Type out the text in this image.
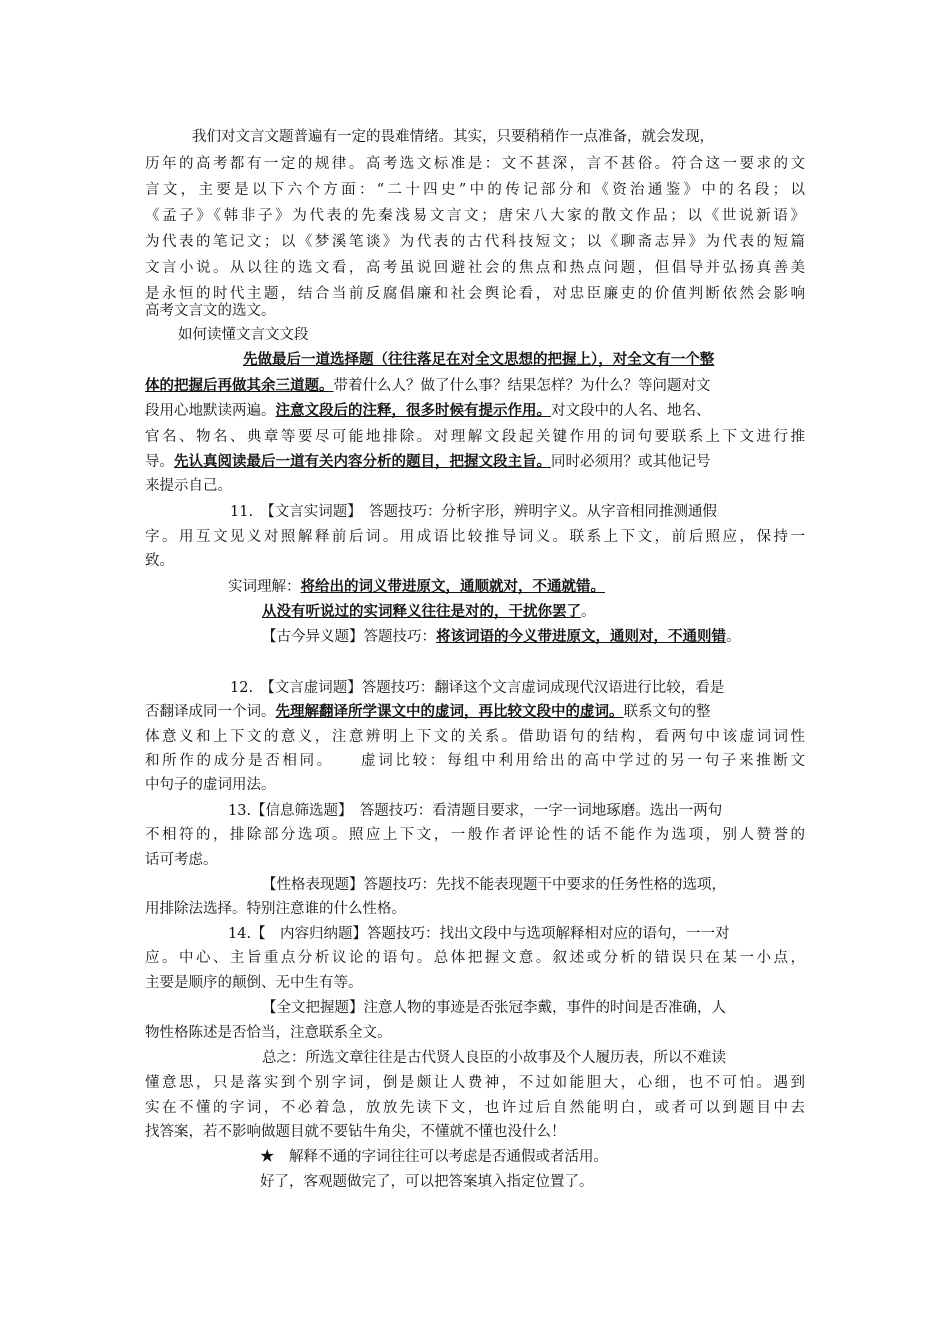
我们对文言文题普遍有一定的畏难情绪。其实，只要稍稍作一点准备，就会发现，
历年的高考都有一定的规律。高考选文标准是：文不甚深，言不甚俗。符合这一要求的文
言文，主要是以下六个方面：“二十四史”中的传记部分和《资治通鉴》中的名段；以
《孟子》《韩非子》为代表的先秦浅易文言文；唐宋八大家的散文作品；以《世说新语》
为代表的笔记文；以《梦溪笔谈》为代表的古代科技短文；以《聊斋志异》为代表的短篇
文言小说。从以往的选文看，高考虽说回避社会的焦点和热点问题，但倡导并弘扬真善美
是永恒的时代主题，结合当前反腐倡廉和社会舆论看，对忠臣廉吏的价值判断依然会影响
高考文言文的选文。
如何读懂文言文文段
先做最后一道选择题（往往落足在对全文思想的把握上），对全文有一个整
体的把握后再做其余三道题。带着什么人？做了什么事？结果怎样？为什么？等问题对文
段用心地默读两遍。注意文段后的注释，很多时候有提示作用。对文段中的人名、地名、
官名、物名、典章等要尽可能地排除。对理解文段起关键作用的词句要联系上下文进行推
导。先认真阅读最后一道有关内容分析的题目，把握文段主旨。同时必须用？或其他记号
来提示自己。
11.　【文言实词题】　答题技巧：分析字形，辨明字义。从字音相同推测通假
字。用互文见义对照解释前后词。用成语比较推导词义。联系上下文，前后照应，保持一
致。
实词理解：将给出的词义带进原文，通顺就对，不通就错。
从没有听说过的实词释义往往是对的，干扰你罢了。
【古今异义题】答题技巧：将该词语的今义带进原文，通则对，不通则错。
12.　【文言虚词题】答题技巧：翻译这个文言虚词成现代汉语进行比较，看是
否翻译成同一个词。先理解翻译所学课文中的虚词，再比较文段中的虚词。联系文句的整
体意义和上下文的意义，注意辨明上下文的关系。借助语句的结构，看两句中该虚词词性
和所作的成分是否相同。　　虚词比较：每组中利用给出的高中学过的另一句子来推断文
中句子的虚词用法。
13.【信息筛选题】　答题技巧：看清题目要求，一字一词地琢磨。选出一两句
不相符的，排除部分选项。照应上下文，一般作者评论性的话不能作为选项，别人赞誉的
话可考虑。
【性格表现题】答题技巧：先找不能表现题干中要求的任务性格的选项，
用排除法选择。特别注意谁的什么性格。
14.【　内容归纳题】答题技巧：找出文段中与选项解释相对应的语句，一一对
应。中心、主旨重点分析议论的语句。总体把握文意。叙述或分析的错误只在某一小点，
主要是顺序的颠倒、无中生有等。
【全文把握题】注意人物的事迹是否张冠李戴，事件的时间是否准确，人
物性格陈述是否恰当，注意联系全文。
总之：所选文章往往是古代贤人良臣的小故事及个人履历表，所以不难读
懂意思，只是落实到个别字词，倒是颇让人费神，不过如能胆大，心细，也不可怕。遇到
实在不懂的字词，不必着急，放放先读下文，也许过后自然能明白，或者可以到题目中去
找答案，若不影响做题目就不要钻牛角尖，不懂就不懂也没什么！
★　解释不通的字词往往可以考虑是否通假或者活用。
好了，客观题做完了，可以把答案填入指定位置了。
